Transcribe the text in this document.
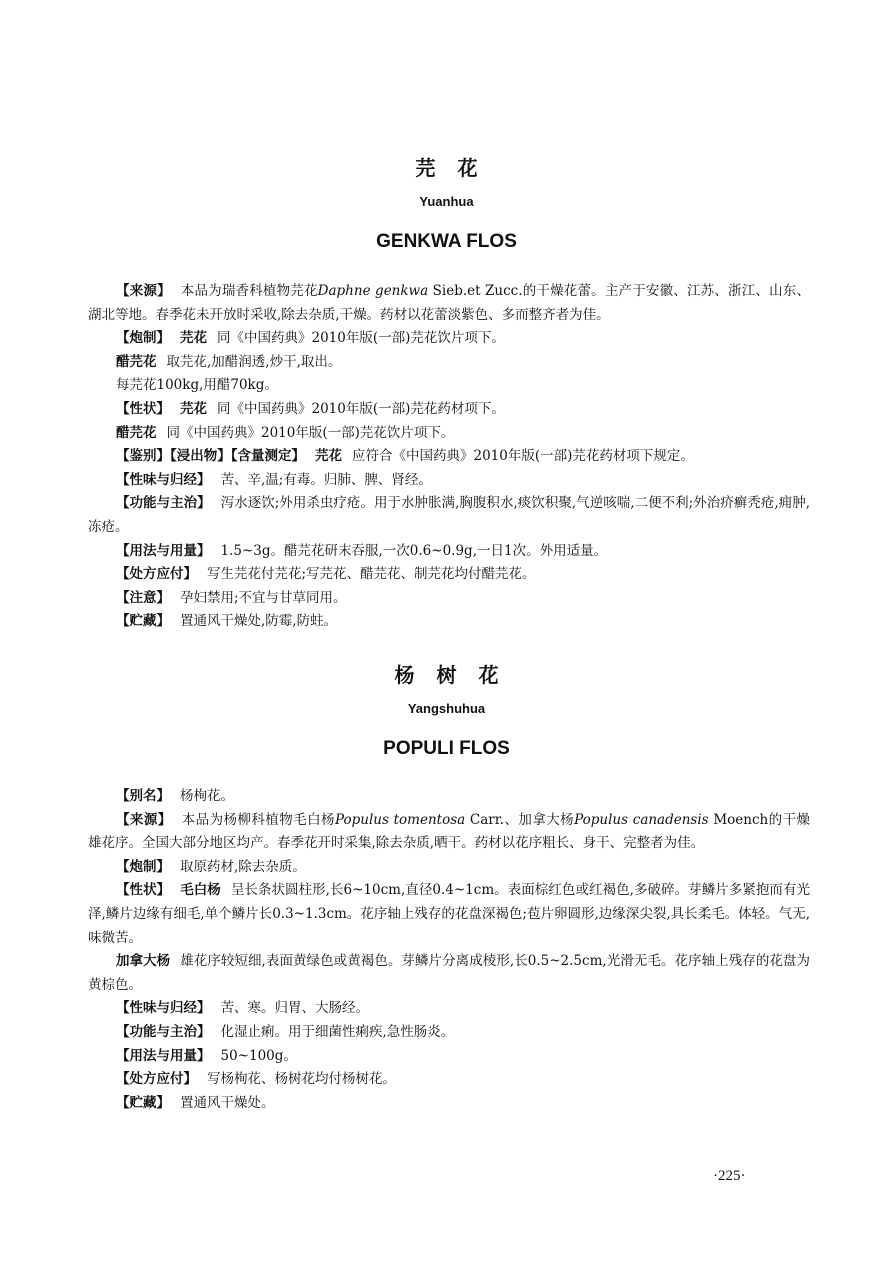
芫花
Yuanhua
GENKWA FLOS

【来源】 本品为瑞香科植物芫花Daphne genkwa Sieb.et Zucc.的干燥花蕾。主产于安徽、江苏、浙江、山东、湖北等地。春季花未开放时采收,除去杂质,干燥。药材以花蕾淡紫色、多而整齐者为佳。

【炮制】 芫花 同《中国药典》2010年版(一部)芫花饮片项下。

醋芫花 取芫花,加醋润透,炒干,取出。

每芫花100kg,用醋70kg。

【性状】 芫花 同《中国药典》2010年版(一部)芫花药材项下。

醋芫花 同《中国药典》2010年版(一部)芫花饮片项下。

【鉴别】【浸出物】【含量测定】 芫花 应符合《中国药典》2010年版(一部)芫花药材项下规定。

【性味与归经】 苦、辛,温;有毒。归肺、脾、肾经。

【功能与主治】 泻水逐饮;外用杀虫疗疮。用于水肿胀满,胸腹积水,痰饮积聚,气逆咳喘,二便不利;外治疥癣秃疮,痈肿,冻疮。

【用法与用量】 1.5~3g。醋芫花研末吞服,一次0.6~0.9g,一日1次。外用适量。

【处方应付】 写生芫花付芫花;写芫花、醋芫花、制芫花均付醋芫花。

【注意】 孕妇禁用;不宜与甘草同用。

【贮藏】 置通风干燥处,防霉,防蛀。

杨树花
Yangshuhua
POPULI FLOS

【别名】 杨栒花。

【来源】 本品为杨柳科植物毛白杨Populus tomentosa Carr.、加拿大杨Populus canadensis Moench的干燥雄花序。全国大部分地区均产。春季花开时采集,除去杂质,晒干。药材以花序粗长、身干、完整者为佳。

【炮制】 取原药材,除去杂质。

【性状】 毛白杨 呈长条状圆柱形,长6~10cm,直径0.4~1cm。表面棕红色或红褐色,多破碎。芽鳞片多紧抱而有光泽,鳞片边缘有细毛,单个鳞片长0.3~1.3cm。花序轴上残存的花盘深褐色;苞片卵圆形,边缘深尖裂,具长柔毛。体轻。气无,味微苦。

加拿大杨 雄花序较短细,表面黄绿色或黄褐色。芽鳞片分离成棱形,长0.5~2.5cm,光滑无毛。花序轴上残存的花盘为黄棕色。

【性味与归经】 苦、寒。归胃、大肠经。

【功能与主治】 化湿止痢。用于细菌性痢疾,急性肠炎。

【用法与用量】 50~100g。

【处方应付】 写杨栒花、杨树花均付杨树花。

【贮藏】 置通风干燥处。

·225·
